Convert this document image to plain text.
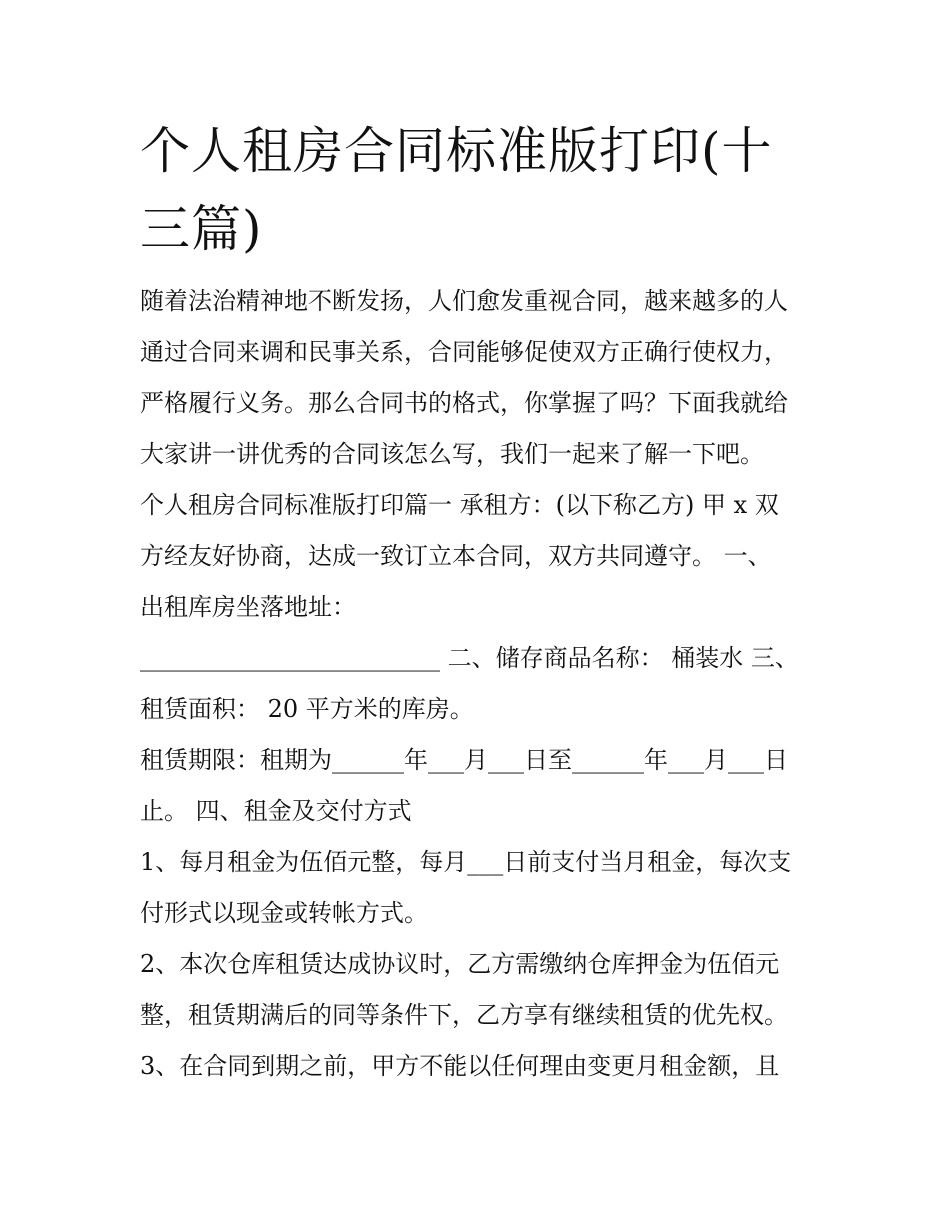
个人租房合同标准版打印(十三篇)

随着法治精神地不断发扬，人们愈发重视合同，越来越多的人

通过合同来调和民事关系，合同能够促使双方正确行使权力，

严格履行义务。那么合同书的格式，你掌握了吗？下面我就给

大家讲一讲优秀的合同该怎么写，我们一起来了解一下吧。

个人租房合同标准版打印篇一 承租方：(以下称乙方) 甲 x 双

方经友好协商，达成一致订立本合同，双方共同遵守。 一、

出租库房坐落地址：

_________________________ 二、储存商品名称： 桶装水 三、

租赁面积： 20 平方米的库房。

租赁期限：租期为______年___月___日至______年___月___日

止。 四、租金及交付方式

1、每月租金为伍佰元整，每月___日前支付当月租金，每次支

付形式以现金或转帐方式。

2、本次仓库租赁达成协议时，乙方需缴纳仓库押金为伍佰元

整，租赁期满后的同等条件下，乙方享有继续租赁的优先权。

3、在合同到期之前，甲方不能以任何理由变更月租金额，且
